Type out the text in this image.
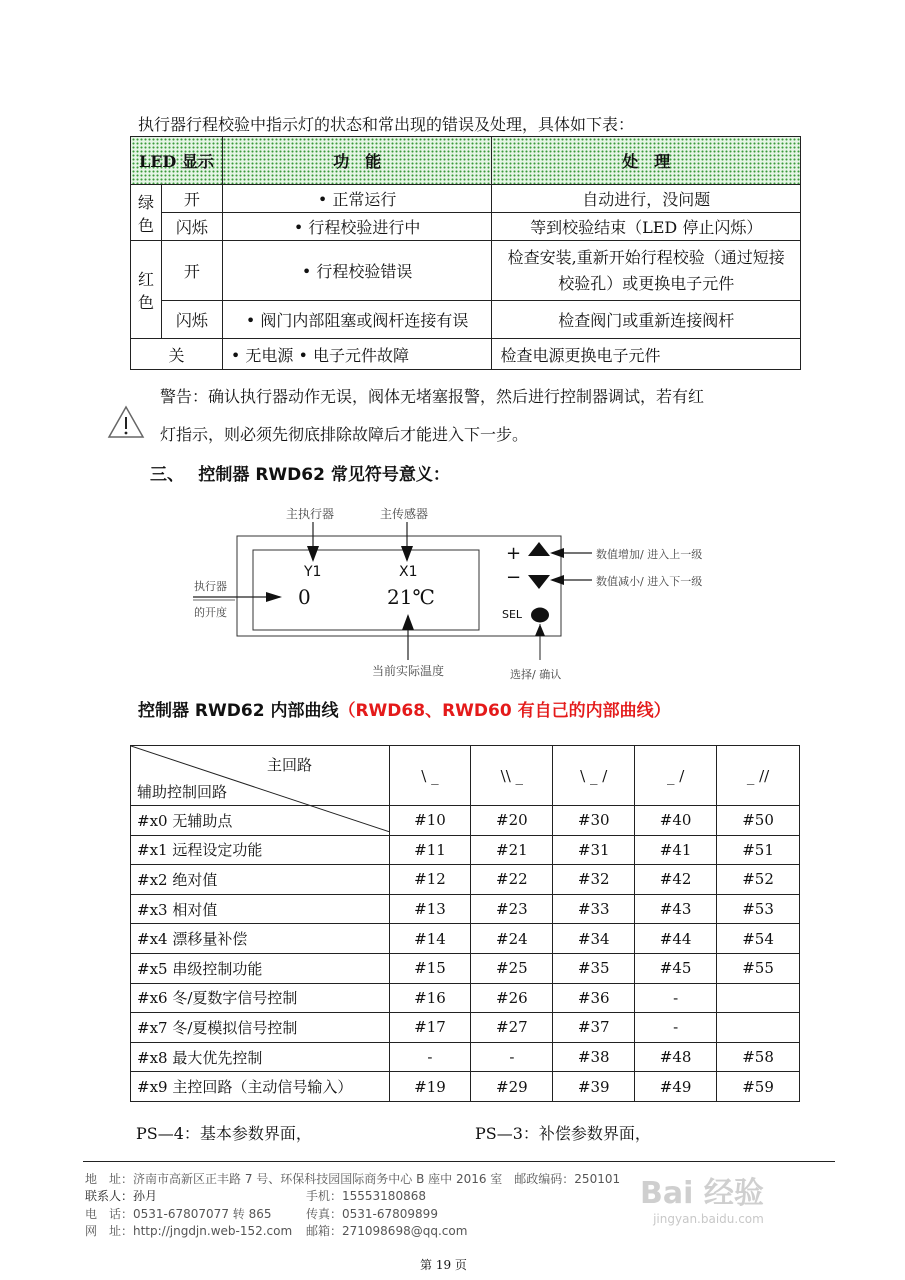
执行器行程校验中指示灯的状态和常出现的错误及处理，具体如下表：
LED 显示		功　能	处　理
绿色	开	• 正常运行	自动进行，没问题
	闪烁	• 行程校验进行中	等到校验结束（LED 停止闪烁）
红色	开	• 行程校验错误	检查安装,重新开始行程校验（通过短接校验孔）或更换电子元件
	闪烁	• 阀门内部阻塞或阀杆连接有误	检查阀门或重新连接阀杆
关		• 无电源 • 电子元件故障	检查电源更换电子元件
警告：确认执行器动作无误，阀体无堵塞报警，然后进行控制器调试，若有红
灯指示，则必须先彻底排除故障后才能进入下一步。
三、　 控制器 RWD62 常见符号意义：
主执行器	主传感器
Y1	X1
0	21℃
执行器
的开度
当前实际温度
+
−
SEL
数值增加/ 进入上一级
数值减小/ 进入下一级
选择/ 确认
控制器 RWD62 内部曲线（RWD68、RWD60 有自己的内部曲线）
主回路
辅助控制回路	\ _	\\ _	\ _ /	_ /	_ //
#x0 无辅助点	#10	#20	#30	#40	#50
#x1 远程设定功能	#11	#21	#31	#41	#51
#x2 绝对值	#12	#22	#32	#42	#52
#x3 相对值	#13	#23	#33	#43	#53
#x4 漂移量补偿	#14	#24	#34	#44	#54
#x5 串级控制功能	#15	#25	#35	#45	#55
#x6 冬/夏数字信号控制	#16	#26	#36	-	
#x7 冬/夏模拟信号控制	#17	#27	#37	-	
#x8 最大优先控制	-	-	#38	#48	#58
#x9 主控回路（主动信号输入）	#19	#29	#39	#49	#59
PS—4：基本参数界面，	PS—3：补偿参数界面，
地　址：济南市高新区正丰路 7 号、环保科技园国际商务中心 B 座中 2016 室　邮政编码：250101
联系人：孙月	手机：15553180868
电　话：0531-67807077 转 865	传真：0531-67809899
网　址：http://jngdjn.web-152.com 邮箱：271098698@qq.com
第 19 页
Bai 经验
jingyan.baidu.com
